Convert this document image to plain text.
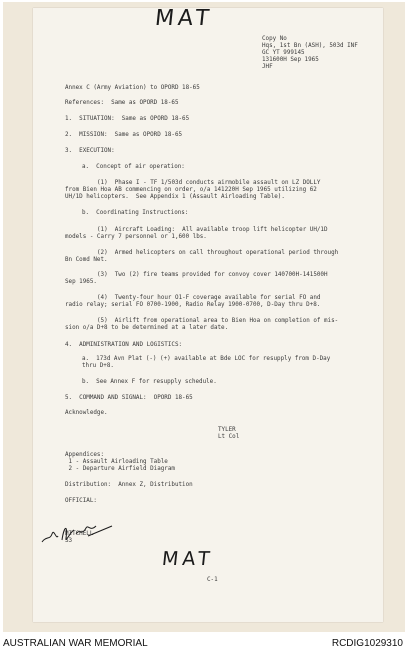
MAT
Copy No
Hqs, 1st Bn (ASH), 503d INF
GC YT 999145
131600H Sep 1965
JHF
Annex C (Army Aviation) to OPORD 18-65
References:  Same as OPORD 18-65
1.  SITUATION:  Same as OPORD 18-65
2.  MISSION:  Same as OPORD 18-65
3.  EXECUTION:
a.  Concept of air operation:
(1)  Phase I - TF 1/503d conducts airmobile assault on LZ DOLLY
from Bien Hoa AB commencing on order, o/a 141220H Sep 1965 utilizing 62
UH/1D helicopters.  See Appendix 1 (Assault Airloading Table).
b.  Coordinating Instructions:
(1)  Aircraft Loading:  All available troop lift helicopter UH/1D
models - Carry 7 personnel or 1,600 lbs.
(2)  Armed helicopters on call throughout operational period through
Bn Comd Net.
(3)  Two (2) fire teams provided for convoy cover 140700H-141500H
Sep 1965.
(4)  Twenty-four hour O1-F coverage available for serial FO and
radio relay; serial FO 0700-1900, Radio Relay 1900-0700, D-Day thru D+8.
(5)  Airlift from operational area to Bien Hoa on completion of mis-
sion o/a D+8 to be determined at a later date.
4.  ADMINISTRATION AND LOGISTICS:
a.  173d Avn Plat (-) (+) available at Bde LOC for resupply from D-Day
thru D+8.
b.  See Annex F for resupply schedule.
5.  COMMAND AND SIGNAL:  OPORD 18-65
Acknowledge.
TYLER
Lt Col
Appendices:
1 - Assault Airloading Table
2 - Departure Airfield Diagram
Distribution:  Annex Z, Distribution
OFFICIAL:
MITCHELL
S3
MAT
C-1
AUSTRALIAN WAR MEMORIAL	RCDIG1029310
